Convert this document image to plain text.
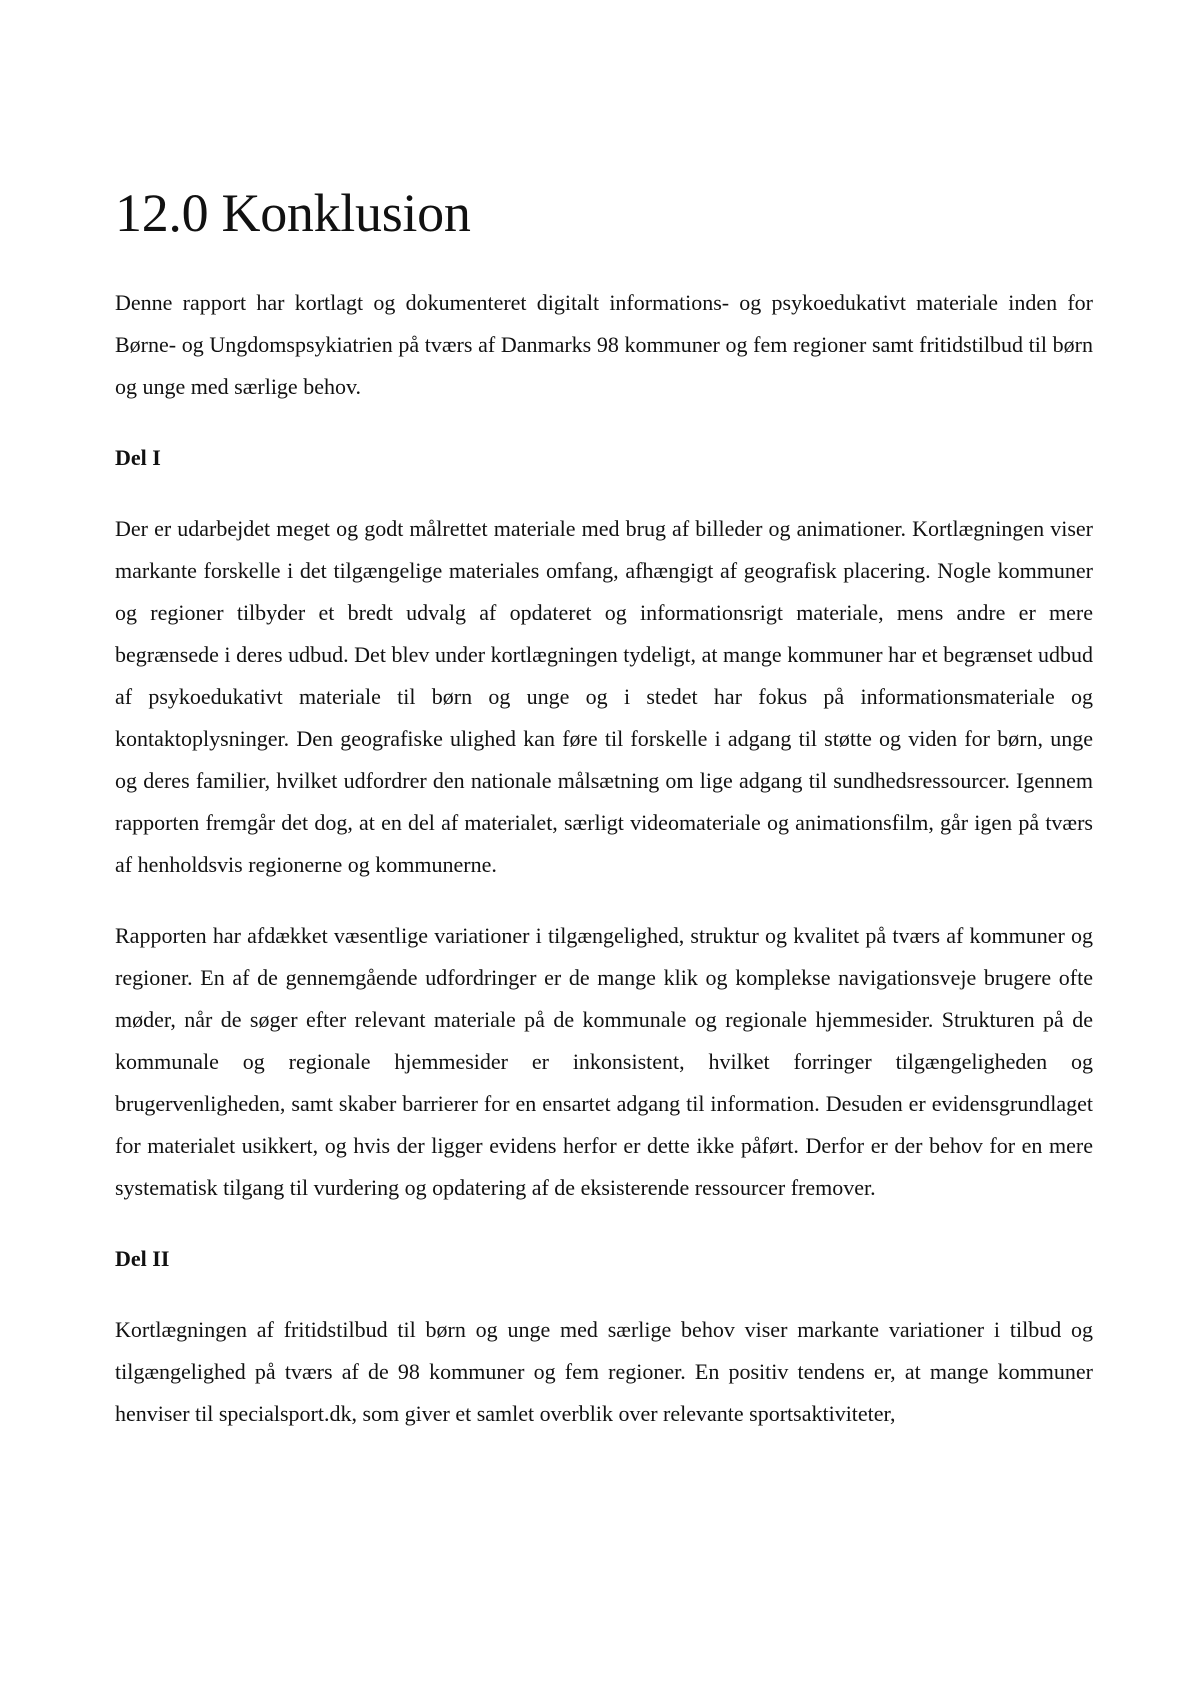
12.0 Konklusion

Denne rapport har kortlagt og dokumenteret digitalt informations- og psykoedukativt materiale inden for Børne- og Ungdomspsykiatrien på tværs af Danmarks 98 kommuner og fem regioner samt fritidstilbud til børn og unge med særlige behov.

Del I

Der er udarbejdet meget og godt målrettet materiale med brug af billeder og animationer. Kortlægningen viser markante forskelle i det tilgængelige materiales omfang, afhængigt af geografisk placering. Nogle kommuner og regioner tilbyder et bredt udvalg af opdateret og informationsrigt materiale, mens andre er mere begrænsede i deres udbud. Det blev under kortlægningen tydeligt, at mange kommuner har et begrænset udbud af psykoedukativt materiale til børn og unge og i stedet har fokus på informationsmateriale og kontaktoplysninger. Den geografiske ulighed kan føre til forskelle i adgang til støtte og viden for børn, unge og deres familier, hvilket udfordrer den nationale målsætning om lige adgang til sundhedsressourcer. Igennem rapporten fremgår det dog, at en del af materialet, særligt videomateriale og animationsfilm, går igen på tværs af henholdsvis regionerne og kommunerne.

Rapporten har afdækket væsentlige variationer i tilgængelighed, struktur og kvalitet på tværs af kommuner og regioner. En af de gennemgående udfordringer er de mange klik og komplekse navigationsveje brugere ofte møder, når de søger efter relevant materiale på de kommunale og regionale hjemmesider. Strukturen på de kommunale og regionale hjemmesider er inkonsistent, hvilket forringer tilgængeligheden og brugervenligheden, samt skaber barrierer for en ensartet adgang til information. Desuden er evidensgrundlaget for materialet usikkert, og hvis der ligger evidens herfor er dette ikke påført. Derfor er der behov for en mere systematisk tilgang til vurdering og opdatering af de eksisterende ressourcer fremover.

Del II

Kortlægningen af fritidstilbud til børn og unge med særlige behov viser markante variationer i tilbud og tilgængelighed på tværs af de 98 kommuner og fem regioner. En positiv tendens er, at mange kommuner henviser til specialsport.dk, som giver et samlet overblik over relevante sportsaktiviteter,
